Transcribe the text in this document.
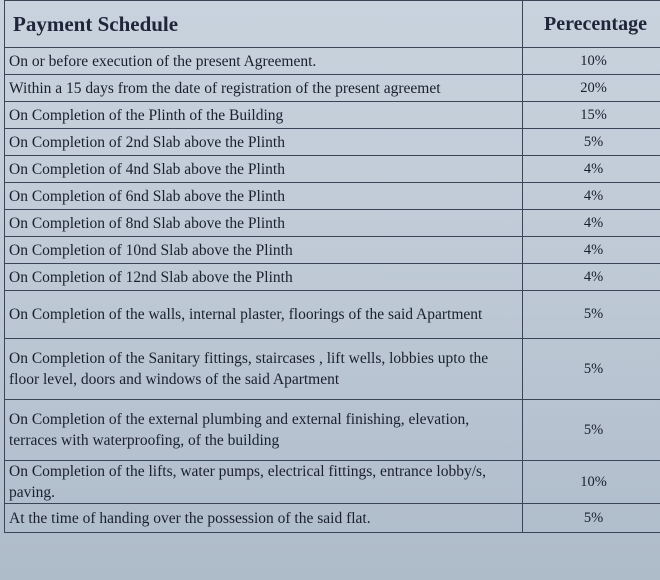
Payment Schedule	Perecentage
On or before execution of the present Agreement.	10%
Within a 15 days from the date of registration of the present agreemet	20%
On Completion of the Plinth of the Building	15%
On Completion of 2nd Slab above the Plinth	5%
On Completion of 4nd Slab above the Plinth	4%
On Completion of 6nd Slab above the Plinth	4%
On Completion of 8nd Slab above the Plinth	4%
On Completion of 10nd Slab above the Plinth	4%
On Completion of 12nd Slab above the Plinth	4%
On Completion of the walls, internal plaster, floorings of the said Apartment	5%
On Completion of the Sanitary fittings, staircases , lift wells, lobbies upto the floor level, doors and windows of the said Apartment	5%
On Completion of the external plumbing and external finishing, elevation, terraces with waterproofing, of the building	5%
On Completion of the lifts, water pumps, electrical fittings, entrance lobby/s, paving.	10%
At the time of handing over the possession of the said flat.	5%
